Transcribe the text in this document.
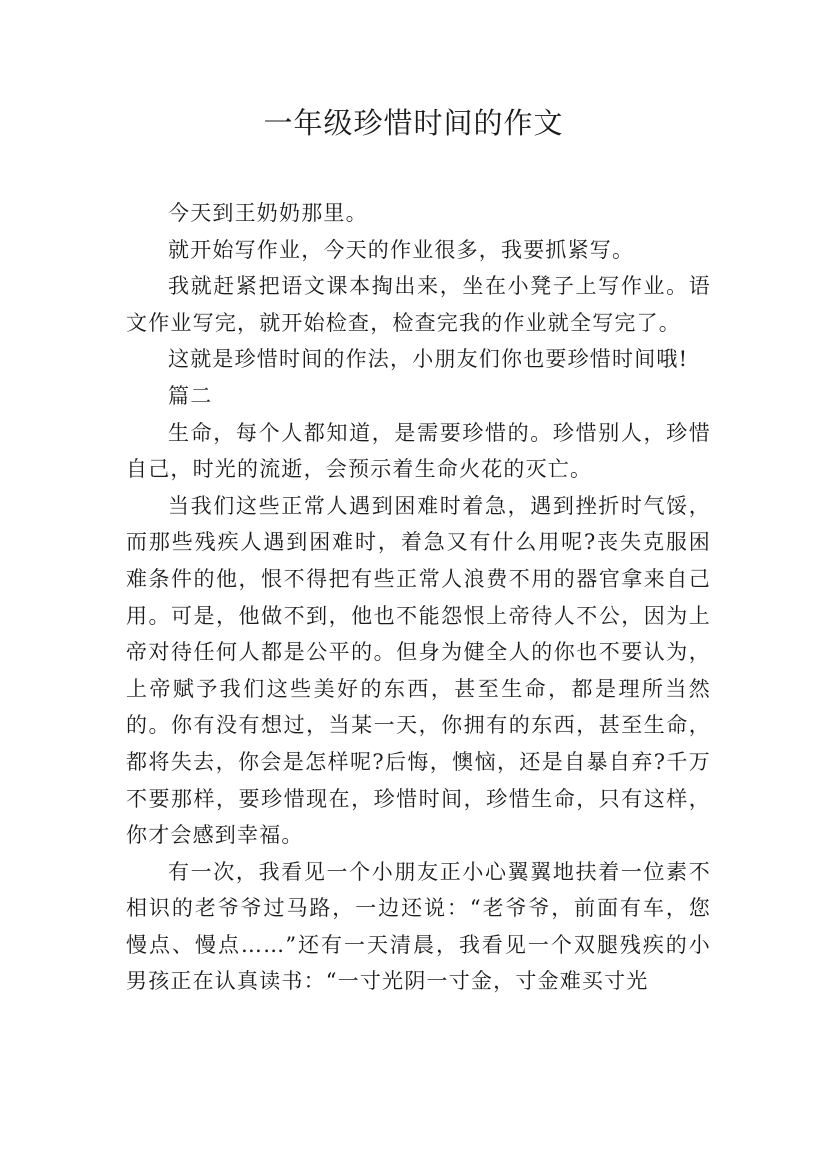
一年级珍惜时间的作文

今天到王奶奶那里。

就开始写作业，今天的作业很多，我要抓紧写。

我就赶紧把语文课本掏出来，坐在小凳子上写作业。语文作业写完，就开始检查，检查完我的作业就全写完了。

这就是珍惜时间的作法，小朋友们你也要珍惜时间哦!

篇二

生命，每个人都知道，是需要珍惜的。珍惜别人，珍惜自己，时光的流逝，会预示着生命火花的灭亡。

当我们这些正常人遇到困难时着急，遇到挫折时气馁，而那些残疾人遇到困难时，着急又有什么用呢?丧失克服困难条件的他，恨不得把有些正常人浪费不用的器官拿来自己用。可是，他做不到，他也不能怨恨上帝待人不公，因为上帝对待任何人都是公平的。但身为健全人的你也不要认为，上帝赋予我们这些美好的东西，甚至生命，都是理所当然的。你有没有想过，当某一天，你拥有的东西，甚至生命，都将失去，你会是怎样呢?后悔，懊恼，还是自暴自弃?千万不要那样，要珍惜现在，珍惜时间，珍惜生命，只有这样，你才会感到幸福。

有一次，我看见一个小朋友正小心翼翼地扶着一位素不相识的老爷爷过马路，一边还说：“老爷爷，前面有车，您慢点、慢点……”还有一天清晨，我看见一个双腿残疾的小男孩正在认真读书：“一寸光阴一寸金，寸金难买寸光
